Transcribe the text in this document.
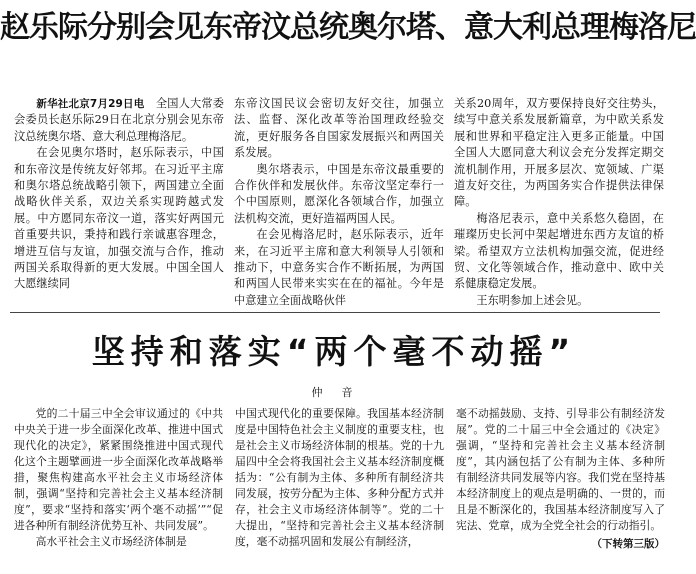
赵乐际分别会见东帝汶总统奥尔塔、意大利总理梅洛尼

新华社北京7月29日电　 全国人大常委会委员长赵乐际29日在北京分别会见东帝汶总统奥尔塔、意大利总理梅洛尼。

在会见奥尔塔时，赵乐际表示，中国和东帝汶是传统友好邻邦。在习近平主席和奥尔塔总统战略引领下，两国建立全面战略伙伴关系，双边关系实现跨越式发展。中方愿同东帝汶一道，落实好两国元首重要共识，秉持和践行亲诚惠容理念，增进互信与友谊，加强交流与合作，推动两国关系取得新的更大发展。中国全国人大愿继续同

东帝汶国民议会密切友好交往，加强立法、监督、深化改革等治国理政经验交流，更好服务各自国家发展振兴和两国关系发展。

奥尔塔表示，中国是东帝汶最重要的合作伙伴和发展伙伴。东帝汶坚定奉行一个中国原则，愿深化各领域合作，加强立法机构交流，更好造福两国人民。

在会见梅洛尼时，赵乐际表示，近年来，在习近平主席和意大利领导人引领和推动下，中意务实合作不断拓展，为两国和两国人民带来实实在在的福祉。今年是中意建立全面战略伙伴

关系20周年，双方要保持良好交往势头，续写中意关系发展新篇章，为中欧关系发展和世界和平稳定注入更多正能量。中国全国人大愿同意大利议会充分发挥定期交流机制作用，开展多层次、宽领域、广渠道友好交往，为两国务实合作提供法律保障。

梅洛尼表示，意中关系悠久稳固，在璀璨历史长河中架起增进东西方友谊的桥梁。希望双方立法机构加强交流，促进经贸、文化等领域合作，推动意中、欧中关系健康稳定发展。

王东明参加上述会见。

坚持和落实“两个毫不动摇”
仲　音

党的二十届三中全会审议通过的《中共中央关于进一步全面深化改革、推进中国式现代化的决定》，紧紧围绕推进中国式现代化这个主题擘画进一步全面深化改革战略举措，聚焦构建高水平社会主义市场经济体制，强调“坚持和完善社会主义基本经济制度”，要求“坚持和落实‘两个毫不动摇’”“促进各种所有制经济优势互补、共同发展”。

高水平社会主义市场经济体制是

中国式现代化的重要保障。我国基本经济制度是中国特色社会主义制度的重要支柱，也是社会主义市场经济体制的根基。党的十九届四中全会将我国社会主义基本经济制度概括为：“公有制为主体、多种所有制经济共同发展，按劳分配为主体、多种分配方式并存，社会主义市场经济体制等”。党的二十大提出，“坚持和完善社会主义基本经济制度，毫不动摇巩固和发展公有制经济，

毫不动摇鼓励、支持、引导非公有制经济发展”。党的二十届三中全会通过的《决定》强调，“坚持和完善社会主义基本经济制度”，其内涵包括了公有制为主体、多种所有制经济共同发展等内容。我们党在坚持基本经济制度上的观点是明确的、一贯的，而且是不断深化的，我国基本经济制度写入了宪法、党章，成为全党全社会的行动指引。

（下转第三版）
